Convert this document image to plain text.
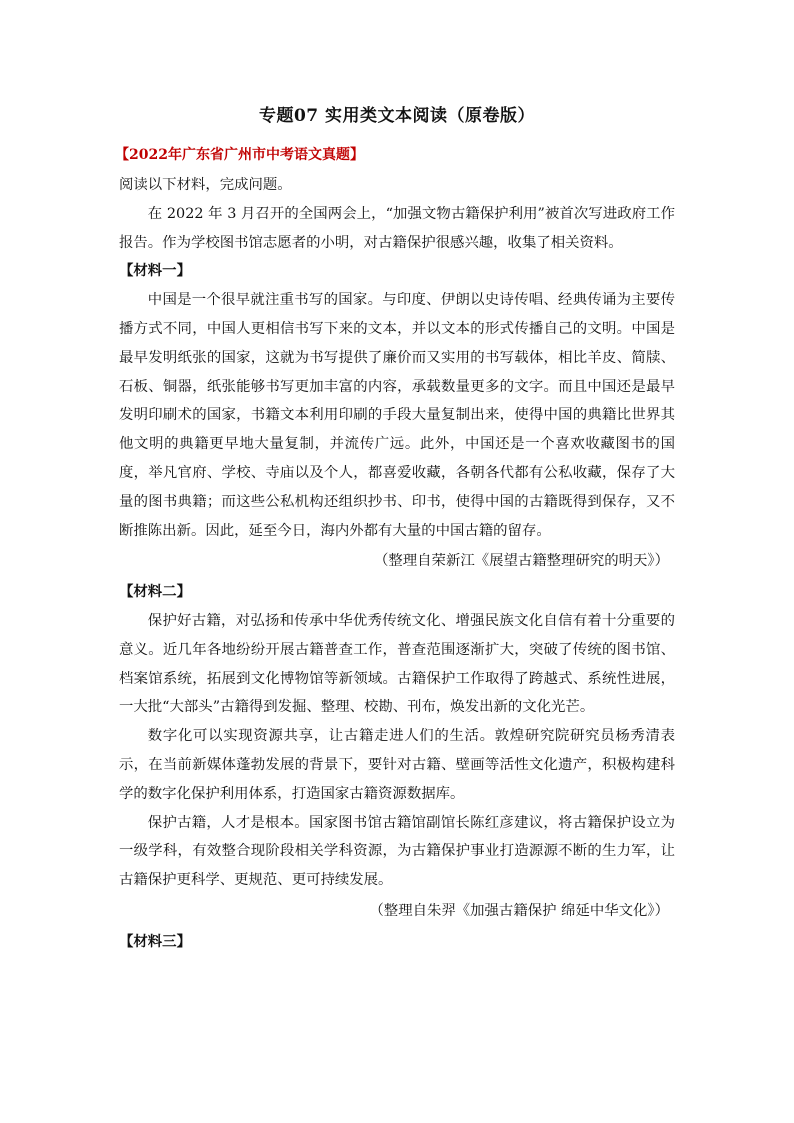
专题07 实用类文本阅读（原卷版）
【2022年广东省广州市中考语文真题】

阅读以下材料，完成问题。

在 2022 年 3 月召开的全国两会上，“加强文物古籍保护利用”被首次写进政府工作报告。作为学校图书馆志愿者的小明，对古籍保护很感兴趣，收集了相关资料。

【材料一】

中国是一个很早就注重书写的国家。与印度、伊朗以史诗传唱、经典传诵为主要传播方式不同，中国人更相信书写下来的文本，并以文本的形式传播自己的文明。中国是最早发明纸张的国家，这就为书写提供了廉价而又实用的书写载体，相比羊皮、简牍、石板、铜器，纸张能够书写更加丰富的内容，承载数量更多的文字。而且中国还是最早发明印刷术的国家，书籍文本利用印刷的手段大量复制出来，使得中国的典籍比世界其他文明的典籍更早地大量复制，并流传广远。此外，中国还是一个喜欢收藏图书的国度，举凡官府、学校、寺庙以及个人，都喜爱收藏，各朝各代都有公私收藏，保存了大量的图书典籍；而这些公私机构还组织抄书、印书，使得中国的古籍既得到保存，又不断推陈出新。因此，延至今日，海内外都有大量的中国古籍的留存。

（整理自荣新江《展望古籍整理研究的明天》）

【材料二】

保护好古籍，对弘扬和传承中华优秀传统文化、增强民族文化自信有着十分重要的意义。近几年各地纷纷开展古籍普查工作，普查范围逐渐扩大，突破了传统的图书馆、档案馆系统，拓展到文化博物馆等新领域。古籍保护工作取得了跨越式、系统性进展，一大批“大部头”古籍得到发掘、整理、校勘、刊布，焕发出新的文化光芒。

数字化可以实现资源共享，让古籍走进人们的生活。敦煌研究院研究员杨秀清表示，在当前新媒体蓬勃发展的背景下，要针对古籍、壁画等活性文化遗产，积极构建科学的数字化保护利用体系，打造国家古籍资源数据库。

保护古籍，人才是根本。国家图书馆古籍馆副馆长陈红彦建议，将古籍保护设立为一级学科，有效整合现阶段相关学科资源，为古籍保护事业打造源源不断的生力军，让古籍保护更科学、更规范、更可持续发展。

（整理自朱羿《加强古籍保护 绵延中华文化》）

【材料三】
